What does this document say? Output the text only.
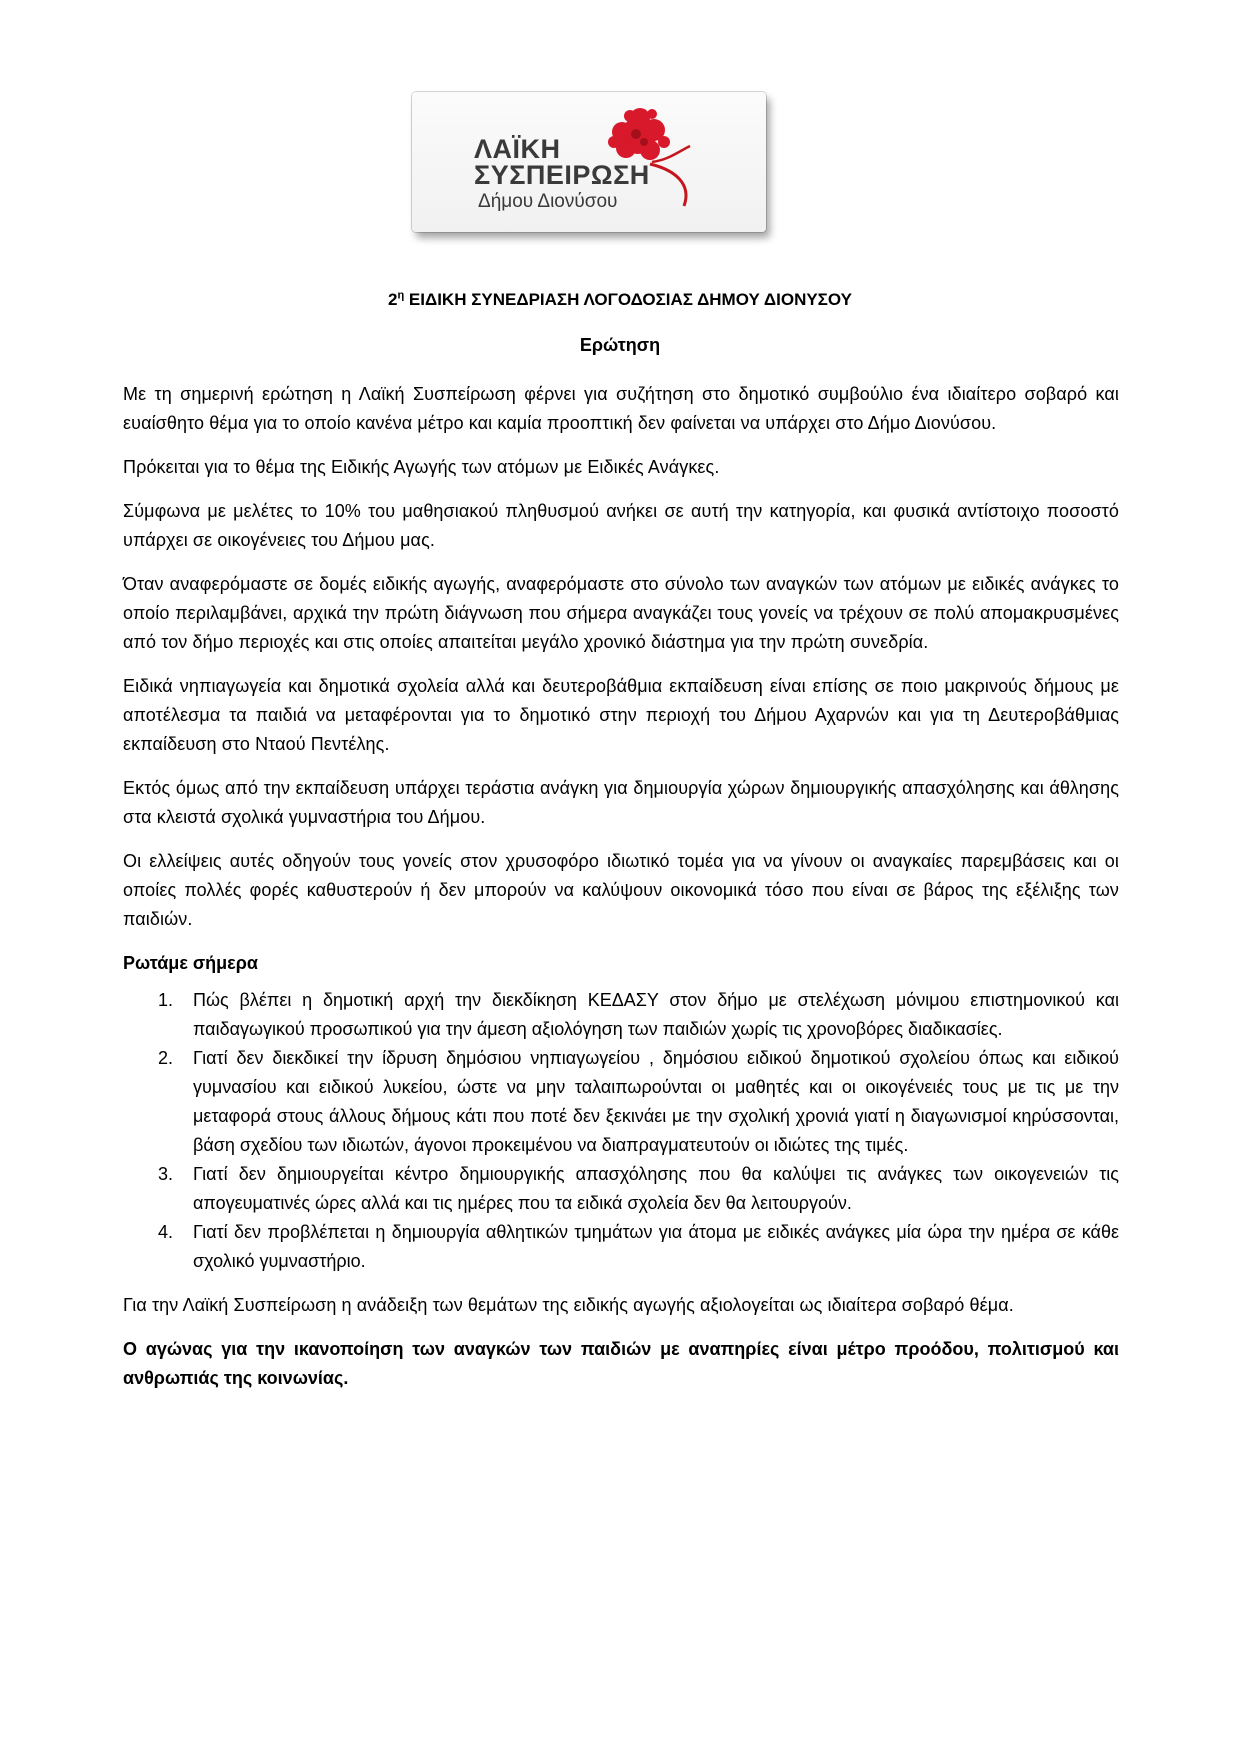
ΛΑΪΚΗ
ΣΥΣΠΕΙΡΩΣΗ
Δήμου Διονύσου
$2^\eta$ ΕΙΔΙΚΗ ΣΥΝΕΔΡΙΑΣΗ ΛΟΓΟΔΟΣΙΑΣ ΔΗΜΟΥ ΔΙΟΝΥΣΟΥ
Ερώτηση

Με τη σημερινή ερώτηση η Λαϊκή Συσπείρωση φέρνει για συζήτηση στο δημοτικό συμβούλιο ένα ιδιαίτερο σοβαρό και ευαίσθητο θέμα για το οποίο κανένα μέτρο και καμία προοπτική δεν φαίνεται να υπάρχει στο Δήμο Διονύσου.

Πρόκειται για το θέμα της Ειδικής Αγωγής των ατόμων με Ειδικές Ανάγκες.

Σύμφωνα με μελέτες το 10% του μαθησιακού πληθυσμού ανήκει σε αυτή την κατηγορία, και φυσικά αντίστοιχο ποσοστό υπάρχει σε οικογένειες του Δήμου μας.

Όταν αναφερόμαστε σε δομές ειδικής αγωγής, αναφερόμαστε στο σύνολο των αναγκών των ατόμων με ειδικές ανάγκες το οποίο περιλαμβάνει, αρχικά την πρώτη διάγνωση που σήμερα αναγκάζει τους γονείς να τρέχουν σε πολύ απομακρυσμένες από τον δήμο περιοχές και στις οποίες απαιτείται μεγάλο χρονικό διάστημα για την πρώτη συνεδρία.

Ειδικά νηπιαγωγεία και δημοτικά σχολεία αλλά και δευτεροβάθμια εκπαίδευση είναι επίσης σε ποιο μακρινούς δήμους με αποτέλεσμα τα παιδιά να μεταφέρονται για το δημοτικό στην περιοχή του Δήμου Αχαρνών και για τη Δευτεροβάθμιας εκπαίδευση στο Νταού Πεντέλης.

Εκτός όμως από την εκπαίδευση υπάρχει τεράστια ανάγκη για δημιουργία χώρων δημιουργικής απασχόλησης και άθλησης στα κλειστά σχολικά γυμναστήρια του Δήμου.

Οι ελλείψεις αυτές οδηγούν τους γονείς στον χρυσοφόρο ιδιωτικό τομέα για να γίνουν οι αναγκαίες παρεμβάσεις και οι οποίες πολλές φορές καθυστερούν ή δεν μπορούν να καλύψουν οικονομικά τόσο που είναι σε βάρος της εξέλιξης των παιδιών.

Ρωτάμε σήμερα
1. Πώς βλέπει η δημοτική αρχή την διεκδίκηση ΚΕΔΑΣΥ στον δήμο με στελέχωση μόνιμου επιστημονικού και παιδαγωγικού προσωπικού για την άμεση αξιολόγηση των παιδιών χωρίς τις χρονοβόρες διαδικασίες.
2. Γιατί δεν διεκδικεί την ίδρυση δημόσιου νηπιαγωγείου , δημόσιου ειδικού δημοτικού σχολείου όπως και ειδικού γυμνασίου και ειδικού λυκείου, ώστε να μην ταλαιπωρούνται οι μαθητές και οι οικογένειές τους με τις με την μεταφορά στους άλλους δήμους κάτι που ποτέ δεν ξεκινάει με την σχολική χρονιά γιατί η διαγωνισμοί κηρύσσονται, βάση σχεδίου των ιδιωτών, άγονοι προκειμένου να διαπραγματευτούν οι ιδιώτες της τιμές.
3. Γιατί δεν δημιουργείται κέντρο δημιουργικής απασχόλησης που θα καλύψει τις ανάγκες των οικογενειών τις απογευματινές ώρες αλλά και τις ημέρες που τα ειδικά σχολεία δεν θα λειτουργούν.
4. Γιατί δεν προβλέπεται η δημιουργία αθλητικών τμημάτων για άτομα με ειδικές ανάγκες μία ώρα την ημέρα σε κάθε σχολικό γυμναστήριο.

Για την Λαϊκή Συσπείρωση η ανάδειξη των θεμάτων της ειδικής αγωγής αξιολογείται ως ιδιαίτερα σοβαρό θέμα.

Ο αγώνας για την ικανοποίηση των αναγκών των παιδιών με αναπηρίες είναι μέτρο προόδου, πολιτισμού και ανθρωπιάς της κοινωνίας.
